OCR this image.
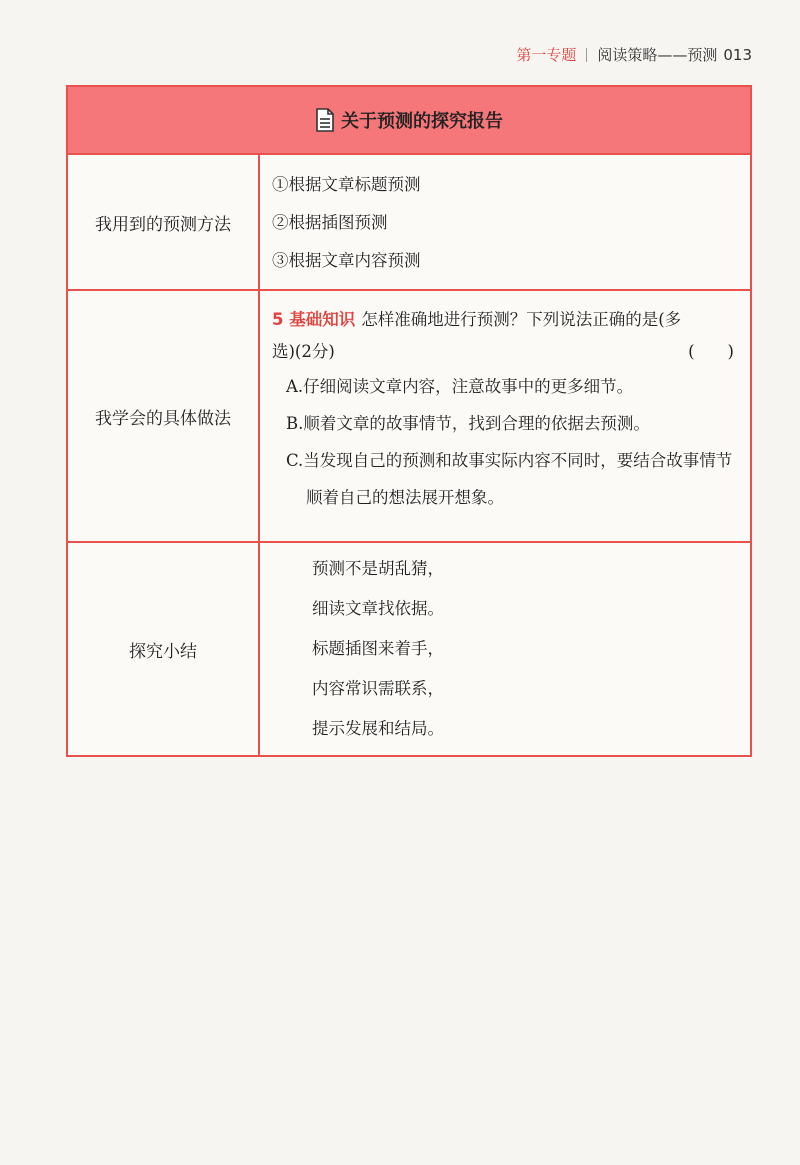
第一专题 阅读策略——预测 013
关于预测的探究报告
我用到的预测方法
①根据文章标题预测
②根据插图预测
③根据文章内容预测
我学会的具体做法
5 基础知识 怎样准确地进行预测？下列说法正确的是(多
选)(2分)	(　　)
A.仔细阅读文章内容，注意故事中的更多细节。
B.顺着文章的故事情节，找到合理的依据去预测。
C.当发现自己的预测和故事实际内容不同时，要结合故事情节顺着自己的想法展开想象。
探究小结
预测不是胡乱猜，
细读文章找依据。
标题插图来着手，
内容常识需联系，
提示发展和结局。
